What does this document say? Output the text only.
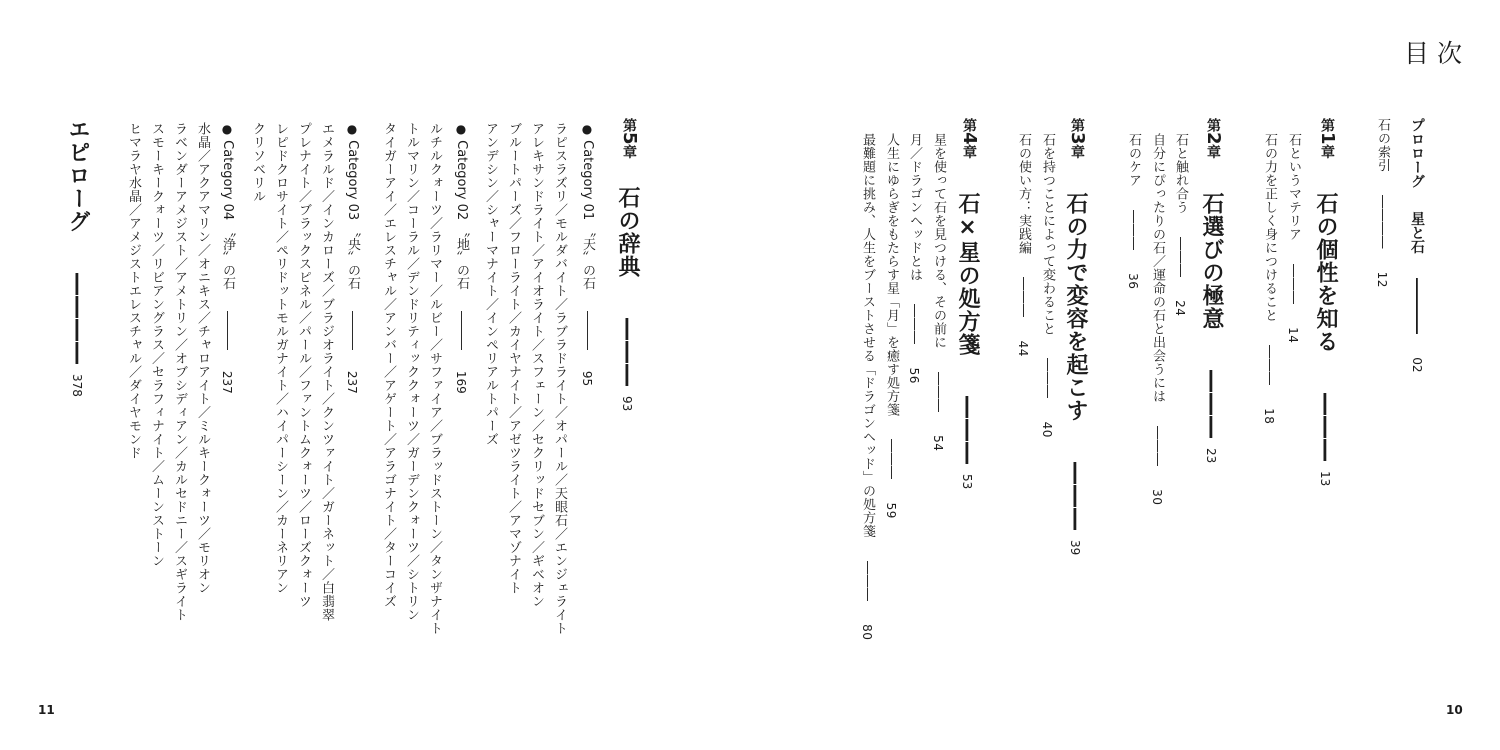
目次
プロローグ 　 星と石 　 ―――― 　 02
石の索引 　 ―――― 　 12
第1章
石の個性を知る 　 ――― 13
石というマテリア 　 ――― 　 14
石の力を正しく身につけること 　 ――― 　 18
第2章
石選びの極意 　 ――― 23
石と触れ合う 　 ――― 　 24
自分にぴったりの石／運命の石と出会うには 　 ――― 　 30
石のケア 　 ――― 　 36
第3章
石の力で変容を起こす 　 ――― 39
石を持つことによって変わること 　 ――― 　 40
石の使い方：実践編 　 ――― 　 44
第4章
石×星の処方箋 　 ――― 53
星を使って石を見つける、その前に 　 ――― 　 54
月／ドラゴンヘッドとは 　 ――― 　 56
人生にゆらぎをもたらす星「月」を癒す処方箋 　 ――― 　 59
最難題に挑み、人生をブーストさせる「ドラゴンヘッド」の処方箋 　 ――― 　 80
第5章
石の辞典 　 ――― 93
● Category 01 〝天〟の石 　 ――― 　 95
ラピスラズリ／モルダバイト／ラブラドライト／オパール／天眼石／エンジェライト
アレキサンドライト／アイオライト／スフェーン／セクリッドセブン／ギベオン
ブルートパーズ／フローライト／カイヤナイト／アゼツライト／アマゾナイト
アンデシン／シャーマナイト／インペリアルトパーズ
● Category 02 〝地〟の石 　 ――― 　 169
ルチルクォーツ／ラリマー／ルビー／サファイア／ブラッドストーン／タンザナイト
トルマリン／コーラル／デンドリティッククォーツ／ガーデンクォーツ／シトリン
タイガーアイ／エレスチャル／アンバー／アゲート／アラゴナイト／ターコイズ
● Category 03 〝央〟の石 　 ――― 　 237
エメラルド／インカローズ／ブラジオライト／クンツァイト／ガーネット／白翡翠
プレナイト／ブラックスピネル／パール／ファントムクォーツ／ローズクォーツ
レピドクロサイト／ペリドットモルガナイト／ハイパーシーン／カーネリアン
クリソベリル
● Category 04 〝浄〟の石 　 ――― 　 237
水晶／アクアマリン／オニキス／チャロアイト／ミルキークォーツ／モリオン
ラベンダーアメジスト／アメトリン／オブシディアン／カルセドニー／スギライト
スモーキークォーツ／リビアングラス／セラフィナイト／ムーンストーン
ヒマラヤ水晶／アメジストエレスチャル／ダイヤモンド
エピローグ 　 ―――― 378
11	10
